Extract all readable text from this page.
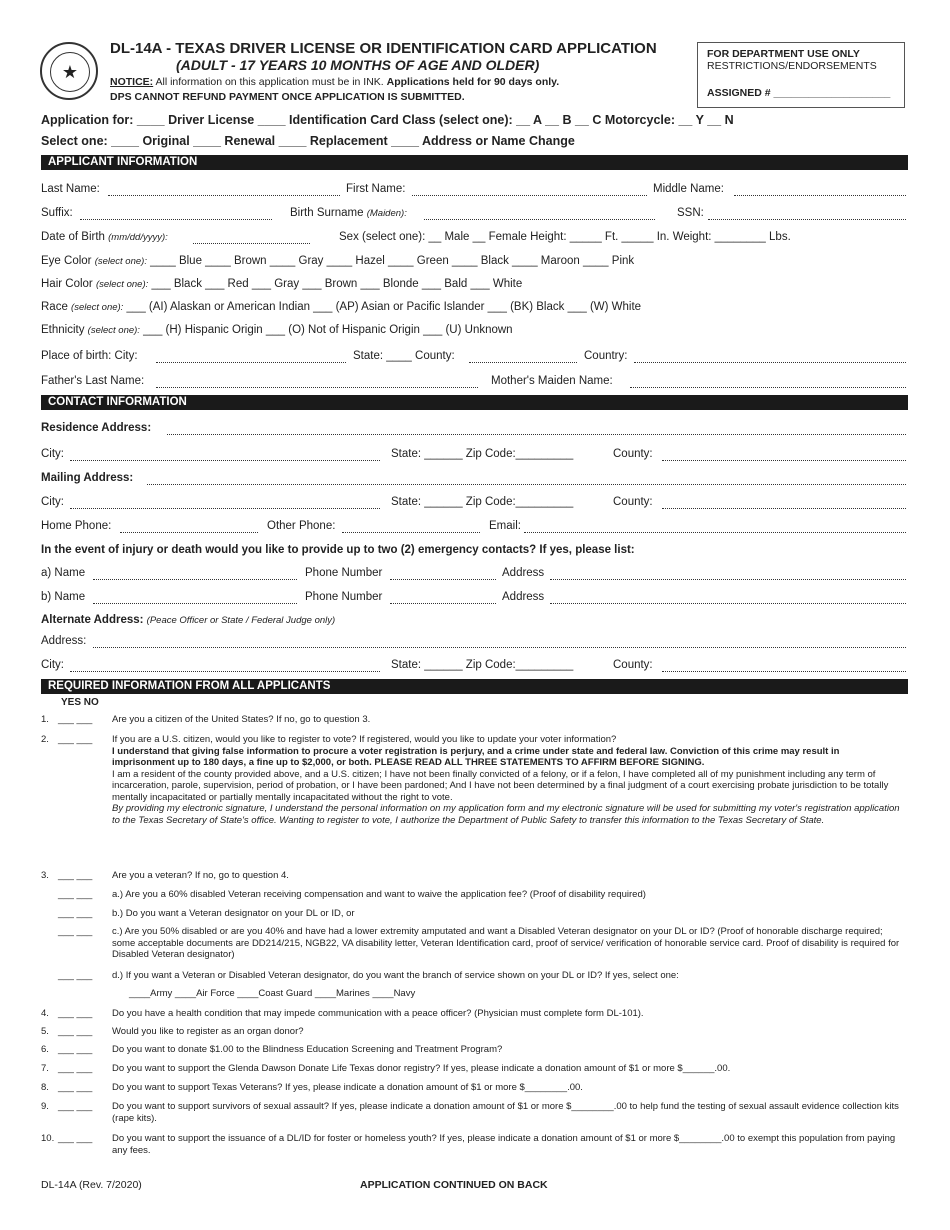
★
DL-14A - TEXAS DRIVER LICENSE OR IDENTIFICATION CARD APPLICATION
(ADULT - 17 YEARS 10 MONTHS OF AGE AND OLDER)
NOTICE: All information on this application must be in INK. Applications held for 90 days only.
DPS CANNOT REFUND PAYMENT ONCE APPLICATION IS SUBMITTED.
FOR DEPARTMENT USE ONLY
RESTRICTIONS/ENDORSEMENTS
ASSIGNED # ____________________
Application for: ____ Driver License ____ Identification Card Class (select one): __ A __ B __ C Motorcycle: __ Y __ N
Select one: ____ Original ____ Renewal ____ Replacement ____ Address or Name Change
APPLICANT INFORMATION
Last Name:	First Name:	Middle Name:
Suffix:	Birth Surname (Maiden):	SSN:
Date of Birth (mm/dd/yyyy):	Sex (select one): __ Male __ Female Height: _____ Ft. _____ In. Weight: ________ Lbs.
Eye Color (select one): ____ Blue ____ Brown ____ Gray ____ Hazel ____ Green ____ Black ____ Maroon ____ Pink
Hair Color (select one): ___ Black ___ Red ___ Gray ___ Brown ___ Blonde ___ Bald ___ White
Race (select one): ___ (AI) Alaskan or American Indian ___ (AP) Asian or Pacific Islander ___ (BK) Black ___ (W) White
Ethnicity (select one): ___ (H) Hispanic Origin ___ (O) Not of Hispanic Origin ___ (U) Unknown
Place of birth: City:	State: ____ County:	Country:
Father's Last Name:	Mother's Maiden Name:
CONTACT INFORMATION
Residence Address:
City:	State: ______ Zip Code:_________	County:
Mailing Address:
City:	State: ______ Zip Code:_________	County:
Home Phone:	Other Phone:	Email:
In the event of injury or death would you like to provide up to two (2) emergency contacts? If yes, please list:
a) Name	Phone Number	Address
b) Name	Phone Number	Address
Alternate Address: (Peace Officer or State / Federal Judge only)
Address:
City:	State: ______ Zip Code:_________	County:
REQUIRED INFORMATION FROM ALL APPLICANTS
YES NO
1. ___ ___ Are you a citizen of the United States? If no, go to question 3.
2. ___ ___ If you are a U.S. citizen, would you like to register to vote? If registered, would you like to update your voter information?
I understand that giving false information to procure a voter registration is perjury, and a crime under state and federal law. Conviction of this crime may result in imprisonment up to 180 days, a fine up to $2,000, or both. PLEASE READ ALL THREE STATEMENTS TO AFFIRM BEFORE SIGNING.
I am a resident of the county provided above, and a U.S. citizen; I have not been finally convicted of a felony, or if a felon, I have completed all of my punishment including any term of incarceration, parole, supervision, period of probation, or I have been pardoned; And I have not been determined by a final judgment of a court exercising probate jurisdiction to be totally mentally incapacitated or partially mentally incapacitated without the right to vote.
By providing my electronic signature, I understand the personal information on my application form and my electronic signature will be used for submitting my voter's registration application to the Texas Secretary of State's office. Wanting to register to vote, I authorize the Department of Public Safety to transfer this information to the Texas Secretary of State.
3. ___ ___ Are you a veteran? If no, go to question 4.
___ ___ a.) Are you a 60% disabled Veteran receiving compensation and want to waive the application fee? (Proof of disability required)
___ ___ b.) Do you want a Veteran designator on your DL or ID, or
___ ___ c.) Are you 50% disabled or are you 40% and have had a lower extremity amputated and want a Disabled Veteran designator on your DL or ID? (Proof of honorable discharge required; some acceptable documents are DD214/215, NGB22, VA disability letter, Veteran Identification card, proof of service/ verification of honorable service card. Proof of disability is required for Disabled Veteran designator)
___ ___ d.) If you want a Veteran or Disabled Veteran designator, do you want the branch of service shown on your DL or ID? If yes, select one:
____Army ____Air Force ____Coast Guard ____Marines ____Navy
4. ___ ___ Do you have a health condition that may impede communication with a peace officer? (Physician must complete form DL-101).
5. ___ ___ Would you like to register as an organ donor?
6. ___ ___ Do you want to donate $1.00 to the Blindness Education Screening and Treatment Program?
7. ___ ___ Do you want to support the Glenda Dawson Donate Life Texas donor registry? If yes, please indicate a donation amount of $1 or more $______.00.
8. ___ ___ Do you want to support Texas Veterans? If yes, please indicate a donation amount of $1 or more $________.00.
9. ___ ___ Do you want to support survivors of sexual assault? If yes, please indicate a donation amount of $1 or more $________.00 to help fund the testing of sexual assault evidence collection kits (rape kits).
10. ___ ___ Do you want to support the issuance of a DL/ID for foster or homeless youth? If yes, please indicate a donation amount of $1 or more $________.00 to exempt this population from paying any fees.
DL-14A (Rev. 7/2020)	APPLICATION CONTINUED ON BACK
